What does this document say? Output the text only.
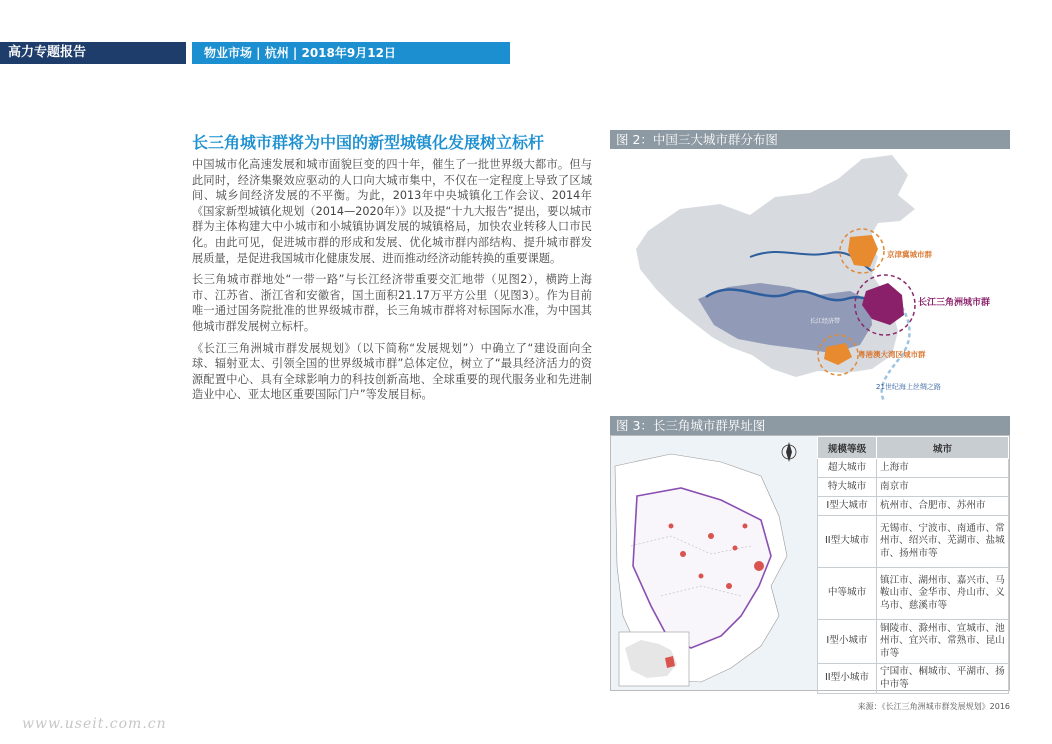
高力专题报告	物业市场 | 杭州 | 2018年9月12日
长三角城市群将为中国的新型城镇化发展树立标杆

中国城市化高速发展和城市面貌巨变的四十年，催生了一批世界级大都市。但与此同时，经济集聚效应驱动的人口向大城市集中，不仅在一定程度上导致了区域间、城乡间经济发展的不平衡。为此，2013年中央城镇化工作会议、2014年《国家新型城镇化规划（2014—2020年）》以及提“十九大报告”提出，要以城市群为主体构建大中小城市和小城镇协调发展的城镇格局，加快农业转移人口市民化。由此可见，促进城市群的形成和发展、优化城市群内部结构、提升城市群发展质量，是促进我国城市化健康发展、进而推动经济动能转换的重要课题。

长三角城市群地处“一带一路”与长江经济带重要交汇地带（见图2），横跨上海市、江苏省、浙江省和安徽省，国土面积21.17万平方公里（见图3）。作为目前唯一通过国务院批准的世界级城市群，长三角城市群将对标国际水准，为中国其他城市群发展树立标杆。

《长江三角洲城市群发展规划》（以下简称“发展规划”）中确立了“建设面向全球、辐射亚太、引领全国的世界级城市群”总体定位，树立了“最具经济活力的资源配置中心、具有全球影响力的科技创新高地、全球重要的现代服务业和先进制造业中心、亚太地区重要国际门户”等发展目标。

图 2：中国三大城市群分布图
京津冀城市群
长江三角洲城市群
长江经济带
粤港澳大湾区城市群
21世纪海上丝绸之路
图 3：长三角城市群界址图
规模等级	城市
超大城市	上海市
特大城市	南京市
I型大城市	杭州市、合肥市、苏州市
II型大城市	无锡市、宁波市、南通市、常州市、绍兴市、芜湖市、盐城市、扬州市等
中等城市	镇江市、湖州市、嘉兴市、马鞍山市、金华市、舟山市、义乌市、慈溪市等
I型小城市	铜陵市、滁州市、宣城市、池州市、宜兴市、常熟市、昆山市等
II型小城市	宁国市、桐城市、平湖市、扬中市等
来源：《长江三角洲城市群发展规划》2016
www.useit.com.cn
